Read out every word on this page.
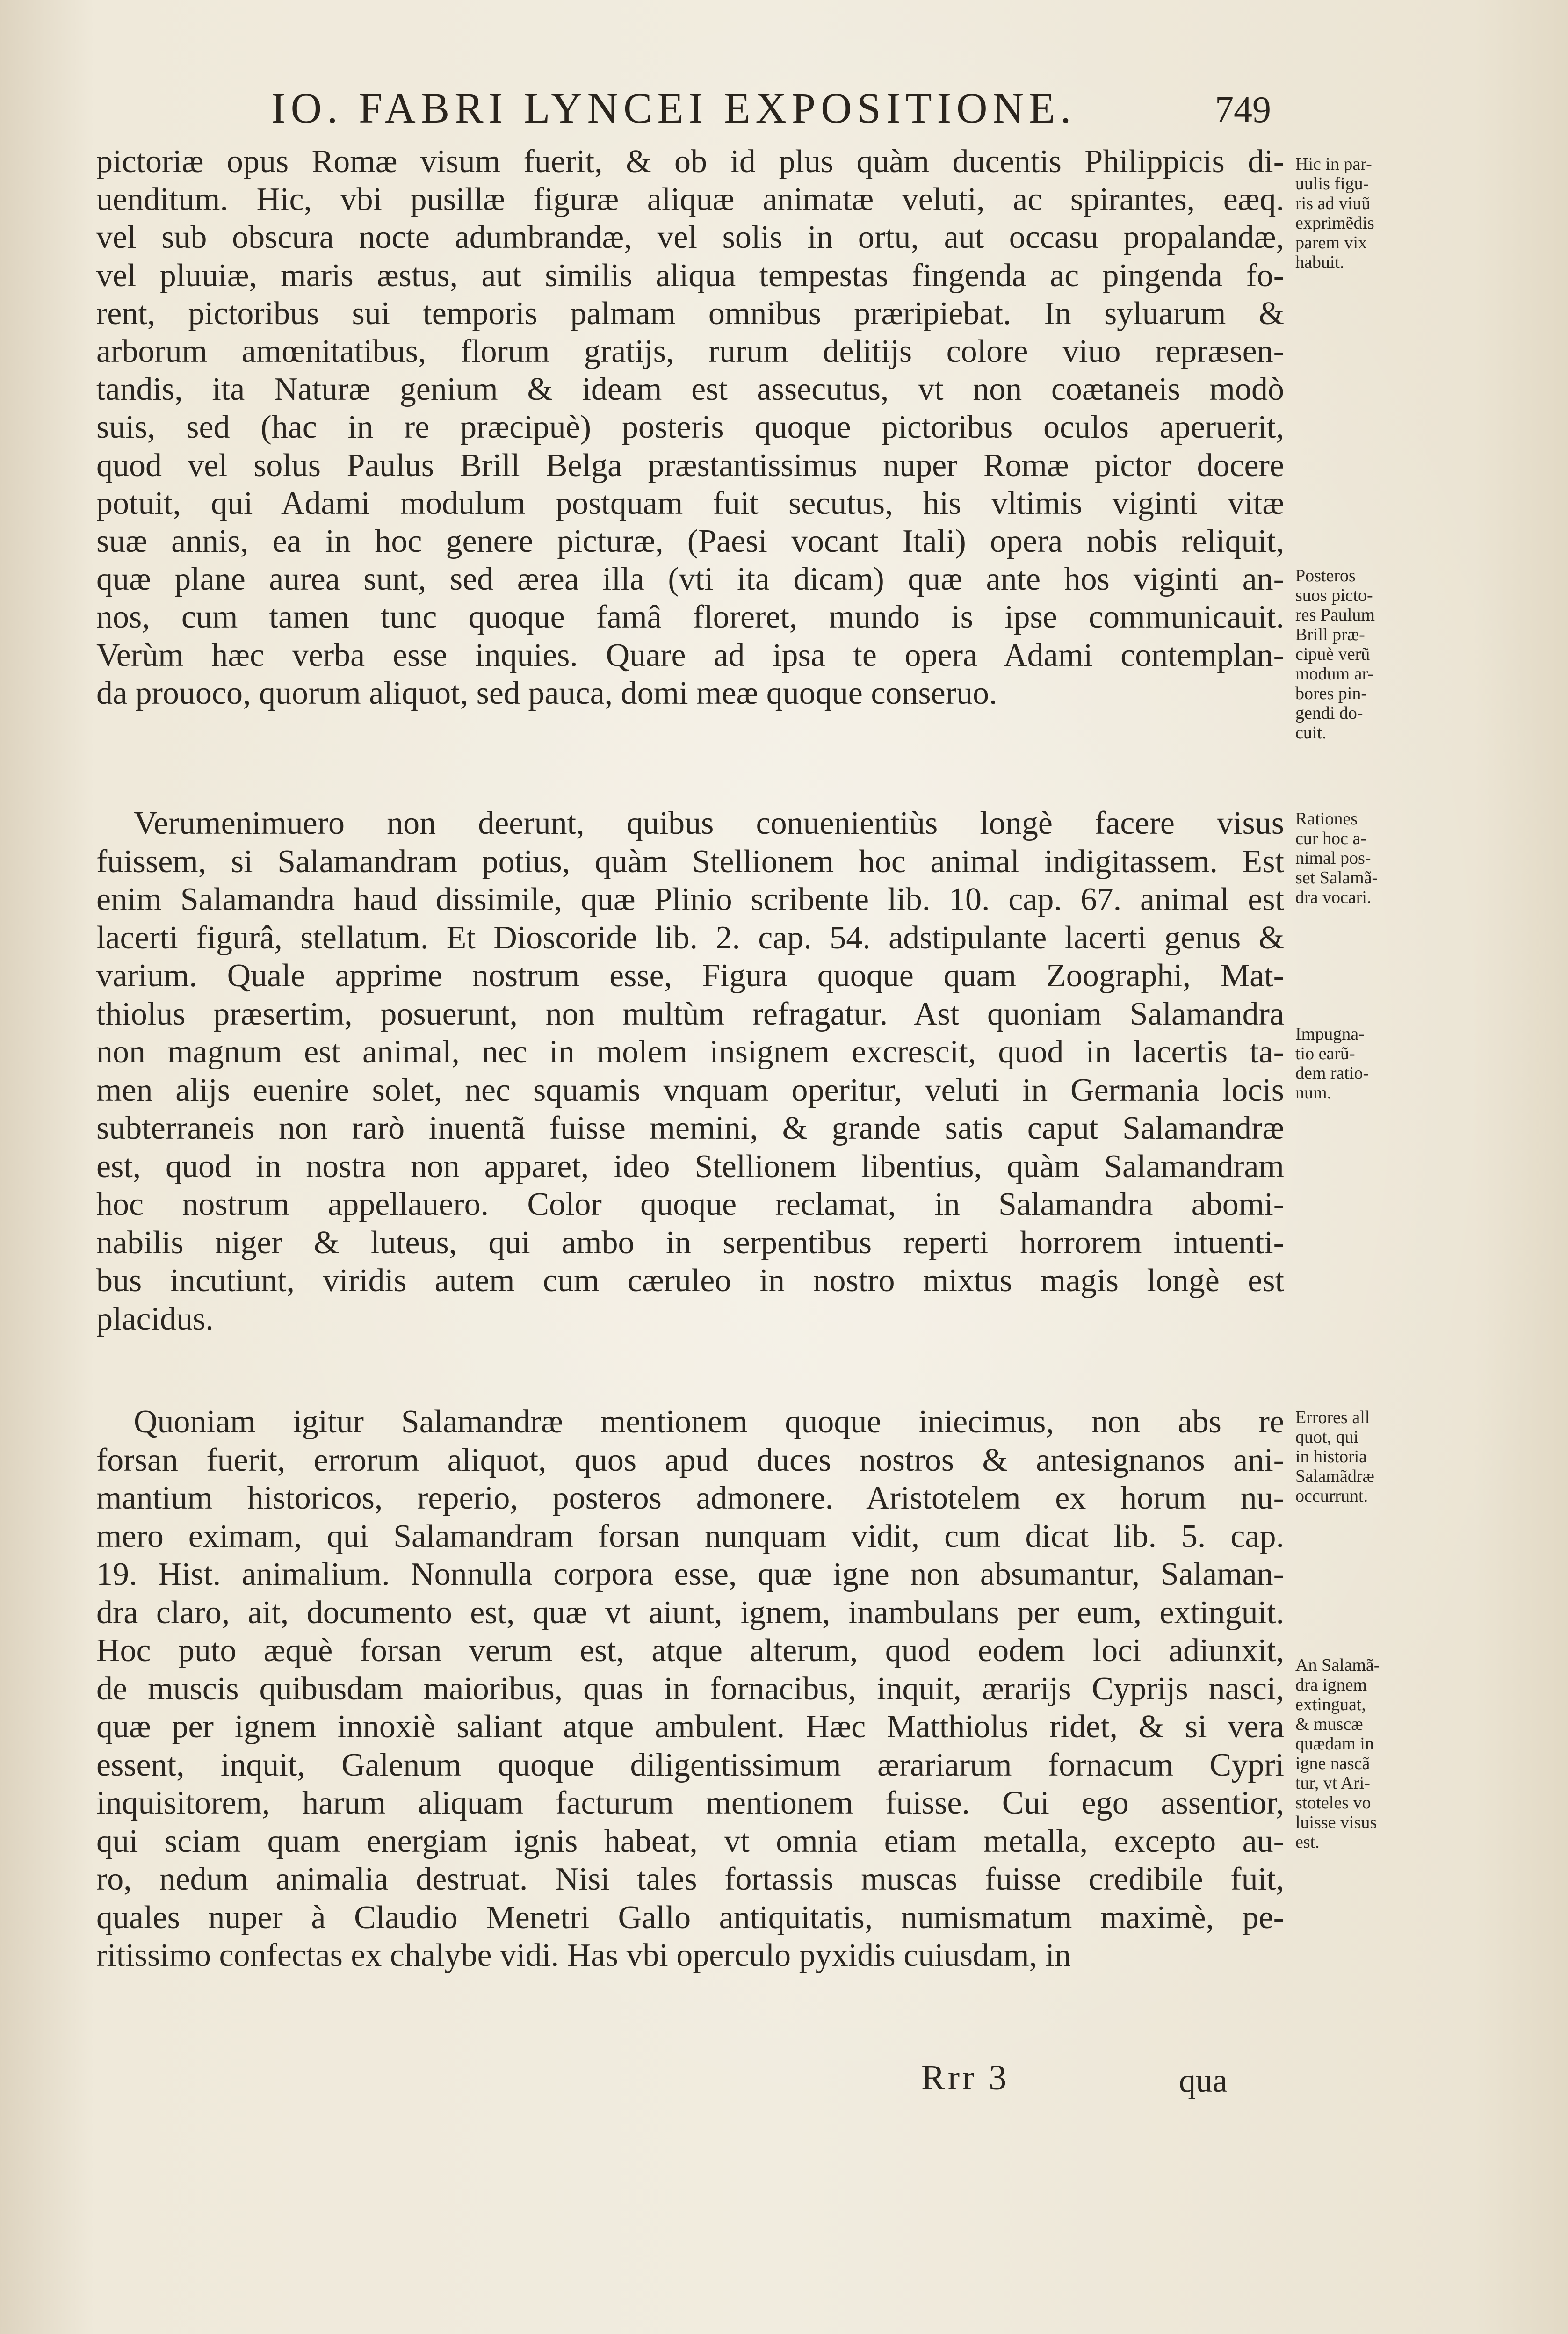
IO. FABRI LYNCEI EXPOSITIONE.	749
pictoriæ opus Romæ visum fuerit, & ob id plus quàm ducentis Philippicis di-
uenditum. Hic, vbi pusillæ figuræ aliquæ animatæ veluti, ac spirantes, eæq.
vel sub obscura nocte adumbrandæ, vel solis in ortu, aut occasu propalandæ,
vel pluuiæ, maris æstus, aut similis aliqua tempestas fingenda ac pingenda fo-
rent, pictoribus sui temporis palmam omnibus præripiebat. In syluarum &
arborum amœnitatibus, florum gratijs, rurum delitijs colore viuo repræsen-
tandis, ita Naturæ genium & ideam est assecutus, vt non coætaneis modò
suis, sed (hac in re præcipuè) posteris quoque pictoribus oculos aperuerit,
quod vel solus Paulus Brill Belga præstantissimus nuper Romæ pictor docere
potuit, qui Adami modulum postquam fuit secutus, his vltimis viginti vitæ
suæ annis, ea in hoc genere picturæ, (Paesi vocant Itali) opera nobis reliquit,
quæ plane aurea sunt, sed ærea illa (vti ita dicam) quæ ante hos viginti an-
nos, cum tamen tunc quoque famâ floreret, mundo is ipse communicauit.
Verùm hæc verba esse inquies. Quare ad ipsa te opera Adami contemplan-
da prouoco, quorum aliquot, sed pauca, domi meæ quoque conseruo.
Verumenimuero non deerunt, quibus conuenientiùs longè facere visus
fuissem, si Salamandram potius, quàm Stellionem hoc animal indigitassem. Est
enim Salamandra haud dissimile, quæ Plinio scribente lib. 10. cap. 67. animal est
lacerti figurâ, stellatum. Et Dioscoride lib. 2. cap. 54. adstipulante lacerti genus &
varium. Quale apprime nostrum esse, Figura quoque quam Zoographi, Mat-
thiolus præsertim, posuerunt, non multùm refragatur. Ast quoniam Salamandra
non magnum est animal, nec in molem insignem excrescit, quod in lacertis ta-
men alijs euenire solet, nec squamis vnquam operitur, veluti in Germania locis
subterraneis non rarò inuentã fuisse memini, & grande satis caput Salamandræ
est, quod in nostra non apparet, ideo Stellionem libentius, quàm Salamandram
hoc nostrum appellauero. Color quoque reclamat, in Salamandra abomi-
nabilis niger & luteus, qui ambo in serpentibus reperti horrorem intuenti-
bus incutiunt, viridis autem cum cæruleo in nostro mixtus magis longè est
placidus.
Quoniam igitur Salamandræ mentionem quoque iniecimus, non abs re
forsan fuerit, errorum aliquot, quos apud duces nostros & antesignanos ani-
mantium historicos, reperio, posteros admonere. Aristotelem ex horum nu-
mero eximam, qui Salamandram forsan nunquam vidit, cum dicat lib. 5. cap.
19. Hist. animalium. Nonnulla corpora esse, quæ igne non absumantur, Salaman-
dra claro, ait, documento est, quæ vt aiunt, ignem, inambulans per eum, extinguit.
Hoc puto æquè forsan verum est, atque alterum, quod eodem loci adiunxit,
de muscis quibusdam maioribus, quas in fornacibus, inquit, ærarijs Cyprijs nasci,
quæ per ignem innoxiè saliant atque ambulent. Hæc Matthiolus ridet, & si vera
essent, inquit, Galenum quoque diligentissimum ærariarum fornacum Cypri
inquisitorem, harum aliquam facturum mentionem fuisse. Cui ego assentior,
qui sciam quam energiam ignis habeat, vt omnia etiam metalla, excepto au-
ro, nedum animalia destruat. Nisi tales fortassis muscas fuisse credibile fuit,
quales nuper à Claudio Menetri Gallo antiquitatis, numismatum maximè, pe-
ritissimo confectas ex chalybe vidi. Has vbi operculo pyxidis cuiusdam, in
Hic in par-
uulis figu-
ris ad viuũ
exprimẽdis
parem vix
habuit.
Posteros
suos picto-
res Paulum
Brill præ-
cipuè verũ
modum ar-
bores pin-
gendi do-
cuit.
Rationes
cur hoc a-
nimal pos-
set Salamã-
dra vocari.
Impugna-
tio earũ-
dem ratio-
num.
Errores all
quot, qui
in historia
Salamãdræ
occurrunt.
An Salamã-
dra ignem
extinguat,
& muscæ
quædam in
igne nascã
tur, vt Ari-
stoteles vo
luisse visus
est.
Rrr 3	qua
